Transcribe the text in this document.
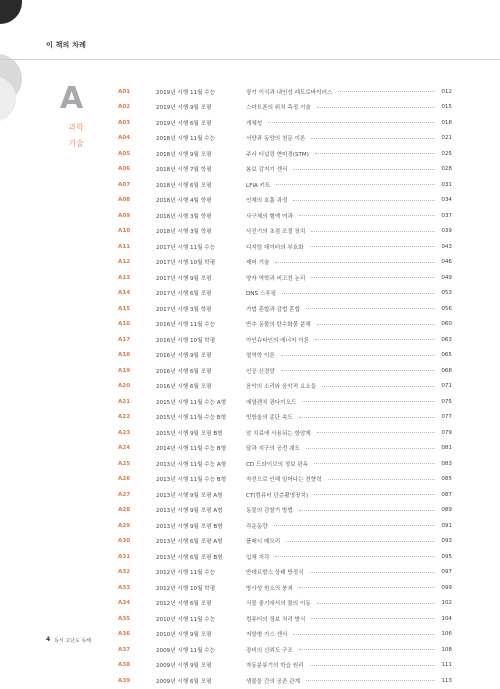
이 책의 차례
A
과학
기술
A01	2019년 시행 11월 수능	장기 이식과 내인성 레트로바이러스	012
A02	2019년 시행 9월 모평	스마트폰의 위치 측정 기술	015
A03	2019년 시행 6월 모평	개체성	018
A04	2018년 시행 11월 수능	서양과 동양의 천문 이론	021
A05	2018년 시행 9월 모평	주사 터널링 현미경(STM)	025
A06	2018년 시행 7월 학평	봄보 감지기 센서	028
A07	2018년 시행 6월 모평	LFIA 키트	031
A08	2018년 시행 4월 학평	인체의 호흡 과정	034
A09	2018년 시행 3월 학평	사구체의 혈액 여과	037
A10	2018년 시행 3월 학평	사진기의 초점 조절 장치	039
A11	2017년 시행 11월 수능	디지털 데이터의 부호화	043
A12	2017년 시행 10월 학평	제어 기술	046
A13	2017년 시행 9월 모평	양자 역학과 비고전 논리	049
A14	2017년 시행 6월 모평	DNS 스푸핑	053
A15	2017년 시행 3월 학평	가법 혼합과 감법 혼합	056
A16	2016년 시행 11월 수능	반추 동물의 탄수화물 분해	060
A17	2016년 시행 10월 학평	아인슈타인의 에너지 이론	063
A18	2016년 시행 9월 모평	열역학 이론	065
A19	2016년 시행 6월 모평	인공 신경망	068
A20	2016년 시행 6월 모평	음악의 소리와 음악적 요소들	071
A21	2015년 시행 11월 수능 A형	예열렌치 광다이오드	075
A22	2015년 시행 11월 수능 B형	빗방울의 종단 속도	077
A23	2015년 시행 9월 모평 B형	암 치료에 사용되는 항암제	079
A24	2014년 시행 11월 수능 B형	달과 지구의 공전 궤도	081
A25	2013년 시행 11월 수능 A형	CD 드라이브의 정보 판독	083
A26	2013년 시행 11월 수능 B형	자전으로 인해 일어나는 전향력	085
A27	2013년 시행 9월 모평 A형	CT(컴퓨터 단층촬영장치)	087
A28	2013년 시행 9월 모평 A형	동물의 감찰기 방법	089
A29	2013년 시행 9월 모평 B형	각운동량	091
A30	2013년 시행 6월 모평 A형	플래시 메모리	093
A31	2013년 시행 6월 모평 B형	입체 지각	095
A32	2012년 시행 11월 수능	반데르발스 상태 방정식	097
A33	2012년 시행 10월 학평	방사성 원소의 붕괴	099
A34	2012년 시행 6월 모평	식물 줄기에서의 물의 이동	102
A35	2010년 시행 11월 수능	컴퓨터의 정보 처리 방식	104
A36	2010년 시행 9월 모평	저항형 가스 센서	106
A37	2009년 시행 11월 수능	장비의 신뢰도 구조	108
A38	2009년 시행 9월 모평	자동분류기의 학습 원리	111
A39	2009년 시행 6월 모평	생물들 간의 공존 관계	113
4 독서 고난도 독해
